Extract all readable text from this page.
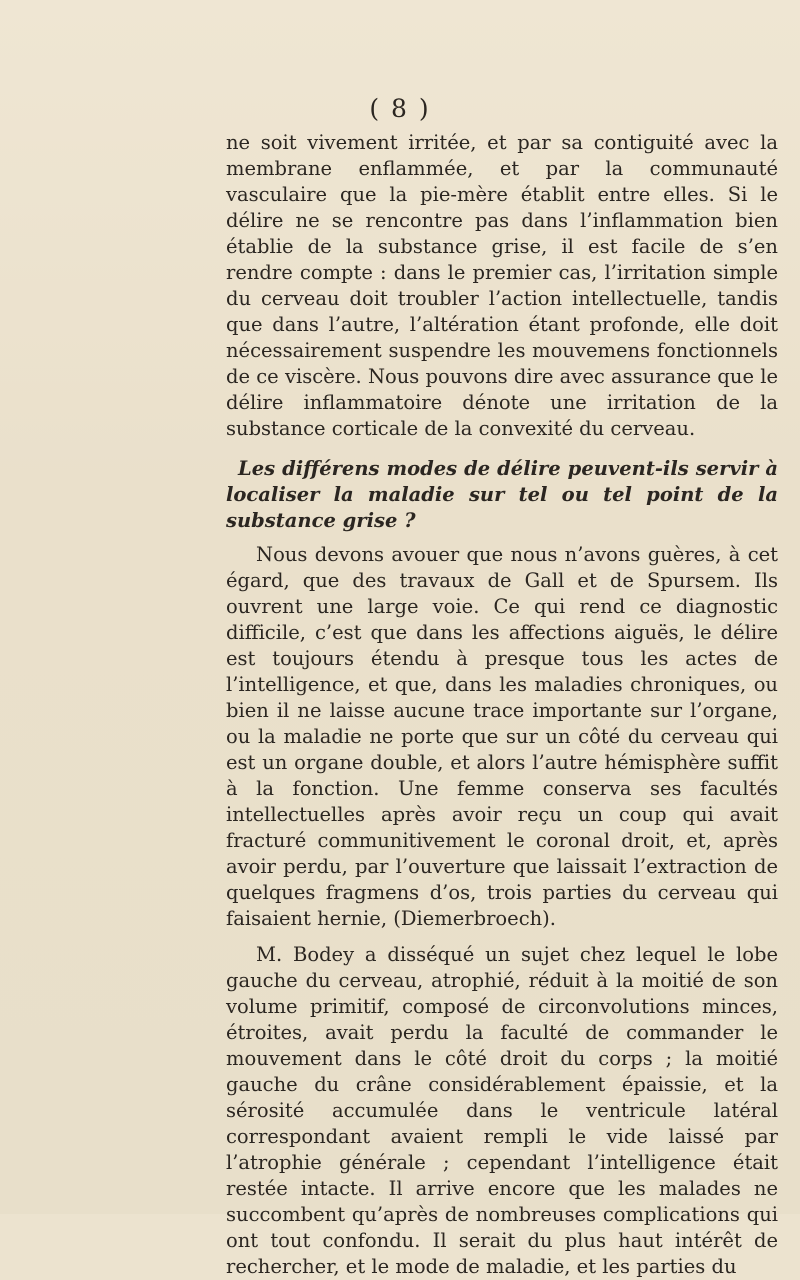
( 8 )

ne soit vivement irritée, et par sa contiguité avec la membrane enflammée, et par la communauté vasculaire que la pie-mère établit entre elles. Si le délire ne se rencontre pas dans l’inflammation bien établie de la substance grise, il est facile de s’en rendre compte : dans le premier cas, l’irritation simple du cerveau doit troubler l’action intellectuelle, tandis que dans l’autre, l’altération étant profonde, elle doit nécessairement suspendre les mouvemens fonctionnels de ce viscère. Nous pouvons dire avec assurance que le délire inflammatoire dénote une irritation de la substance corticale de la convexité du cerveau.

Les différens modes de délire peuvent-ils servir à localiser la maladie sur tel ou tel point de la substance grise ?

Nous devons avouer que nous n’avons guères, à cet égard, que des travaux de Gall et de Spursem. Ils ouvrent une large voie. Ce qui rend ce diagnostic difficile, c’est que dans les affections aiguës, le délire est toujours étendu à presque tous les actes de l’intelligence, et que, dans les maladies chroniques, ou bien il ne laisse aucune trace importante sur l’organe, ou la maladie ne porte que sur un côté du cerveau qui est un organe double, et alors l’autre hémisphère suffit à la fonction. Une femme conserva ses facultés intellectuelles après avoir reçu un coup qui avait fracturé communitivement le coronal droit, et, après avoir perdu, par l’ouverture que laissait l’extraction de quelques fragmens d’os, trois parties du cerveau qui faisaient hernie, (Diemerbroech).

M. Bodey a disséqué un sujet chez lequel le lobe gauche du cerveau, atrophié, réduit à la moitié de son volume primitif, composé de circonvolutions minces, étroites, avait perdu la faculté de commander le mouvement dans le côté droit du corps ; la moitié gauche du crâne considérablement épaissie, et la sérosité accumulée dans le ventricule latéral correspondant avaient rempli le vide laissé par l’atrophie générale ; cependant l’intelligence était restée intacte. Il arrive encore que les malades ne succombent qu’après de nombreuses complications qui ont tout confondu. Il serait du plus haut intérêt de rechercher, et le mode de maladie, et les parties du
